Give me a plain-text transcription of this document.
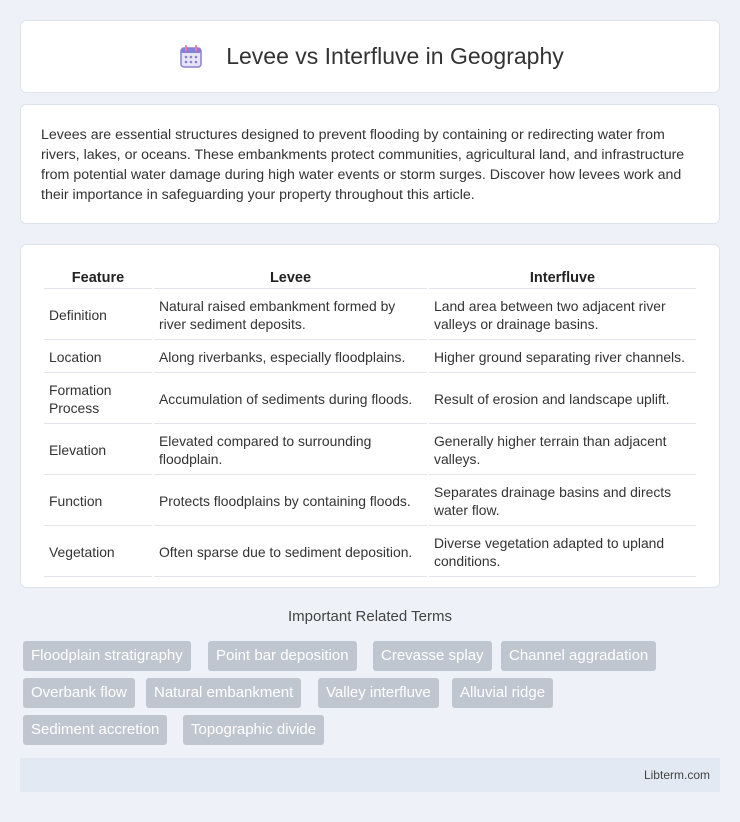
Levee vs Interfluve in Geography

Levees are essential structures designed to prevent flooding by containing or redirecting water from rivers, lakes, or oceans. These embankments protect communities, agricultural land, and infrastructure from potential water damage during high water events or storm surges. Discover how levees work and their importance in safeguarding your property throughout this article.

Feature	Levee	Interfluve
Definition	Natural raised embankment formed by river sediment deposits.	Land area between two adjacent river valleys or drainage basins.
Location	Along riverbanks, especially floodplains.	Higher ground separating river channels.
Formation Process	Accumulation of sediments during floods.	Result of erosion and landscape uplift.
Elevation	Elevated compared to surrounding floodplain.	Generally higher terrain than adjacent valleys.
Function	Protects floodplains by containing floods.	Separates drainage basins and directs water flow.
Vegetation	Often sparse due to sediment deposition.	Diverse vegetation adapted to upland conditions.
Important Related Terms
Floodplain stratigraphy	Point bar deposition	Crevasse splay	Channel aggradation
Overbank flow	Natural embankment	Valley interfluve	Alluvial ridge
Sediment accretion	Topographic divide
Libterm.com
